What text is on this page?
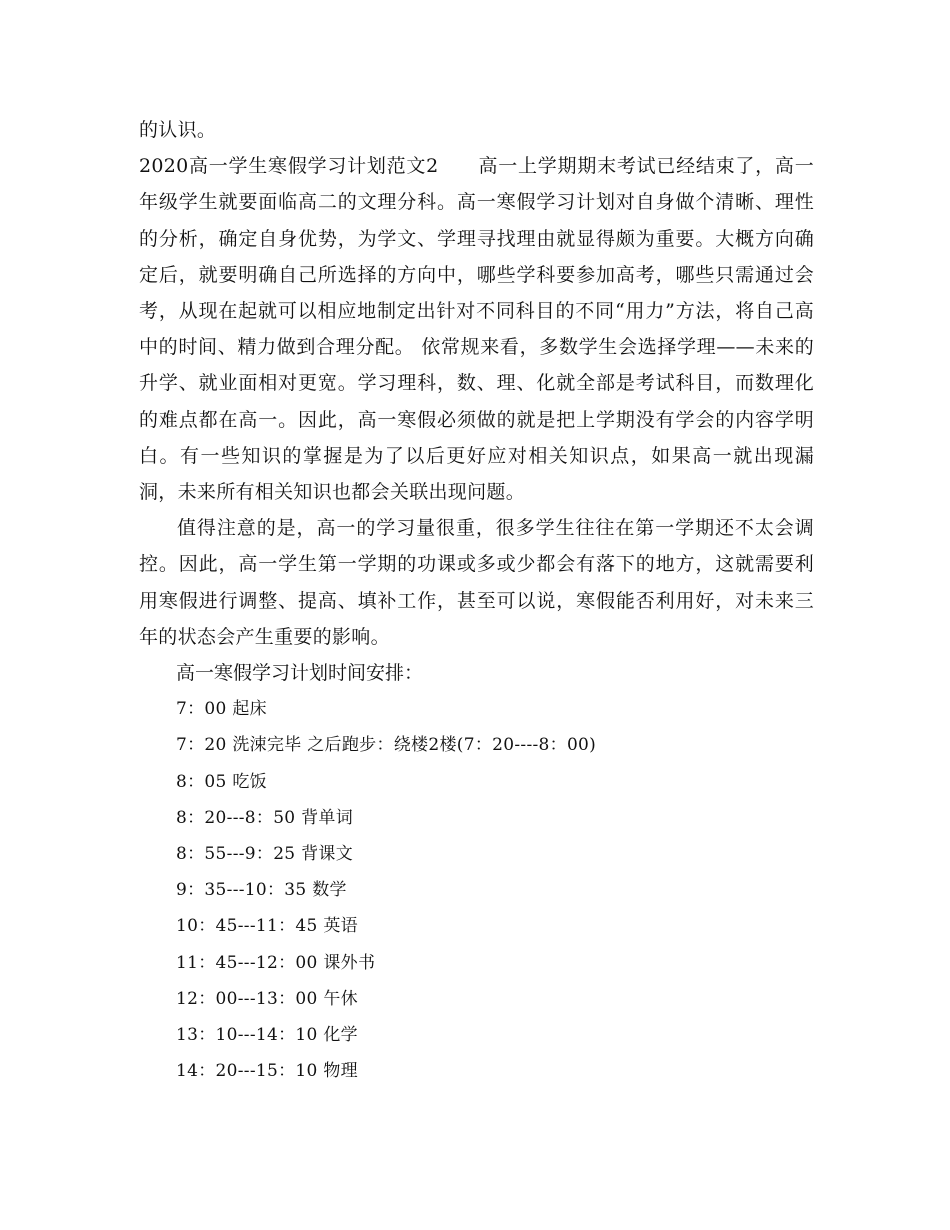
的认识。

2020高一学生寒假学习计划范文2　　高一上学期期末考试已经结束了，高一年级学生就要面临高二的文理分科。高一寒假学习计划对自身做个清晰、理性的分析，确定自身优势，为学文、学理寻找理由就显得颇为重要。大概方向确定后，就要明确自己所选择的方向中，哪些学科要参加高考，哪些只需通过会考，从现在起就可以相应地制定出针对不同科目的不同“用力”方法，将自己高中的时间、精力做到合理分配。 依常规来看，多数学生会选择学理——未来的升学、就业面相对更宽。学习理科，数、理、化就全部是考试科目，而数理化的难点都在高一。因此，高一寒假必须做的就是把上学期没有学会的内容学明白。有一些知识的掌握是为了以后更好应对相关知识点，如果高一就出现漏洞，未来所有相关知识也都会关联出现问题。

值得注意的是，高一的学习量很重，很多学生往往在第一学期还不太会调控。因此，高一学生第一学期的功课或多或少都会有落下的地方，这就需要利用寒假进行调整、提高、填补工作，甚至可以说，寒假能否利用好，对未来三年的状态会产生重要的影响。

高一寒假学习计划时间安排：

7：00 起床
7：20 洗涑完毕 之后跑步：绕楼2楼(7：20----8：00)
8：05 吃饭
8：20---8：50 背单词
8：55---9：25 背课文
9：35---10：35 数学
10：45---11：45 英语
11：45---12：00 课外书
12：00---13：00 午休
13：10---14：10 化学
14：20---15：10 物理
